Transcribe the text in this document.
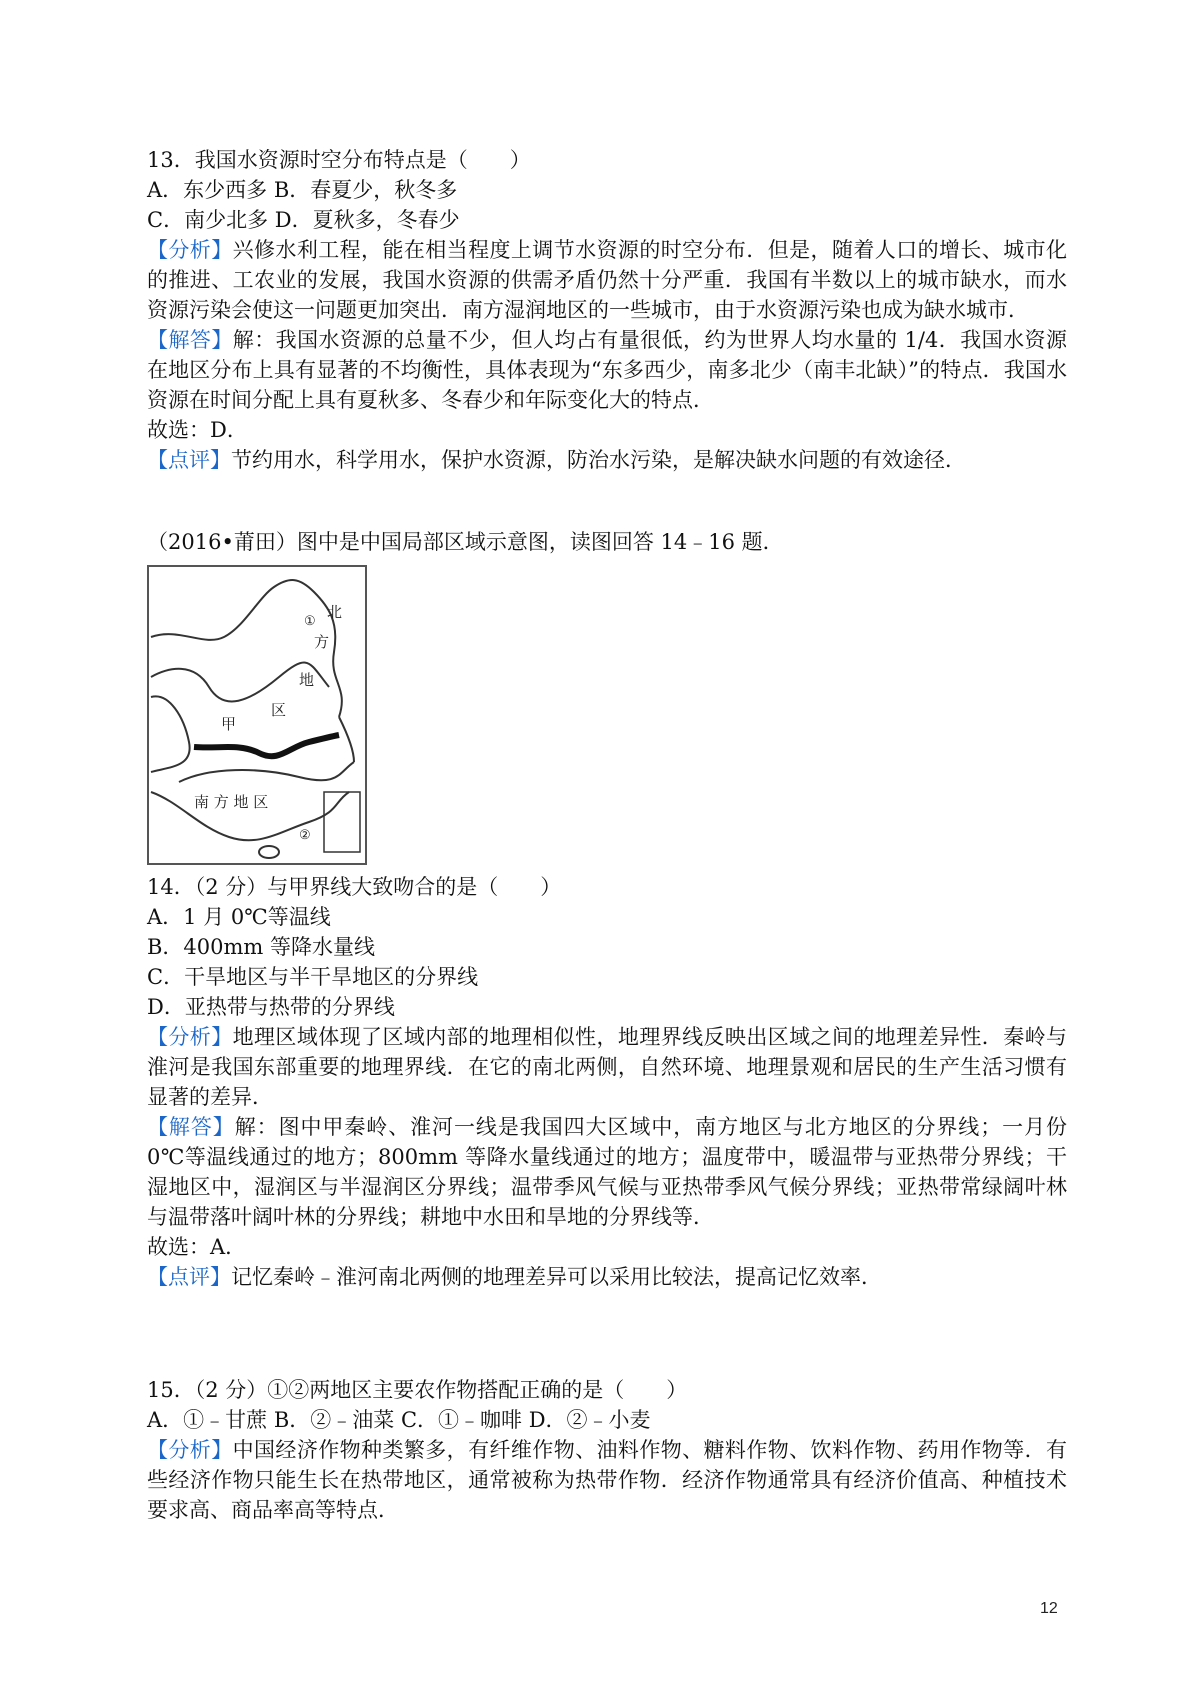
13．我国水资源时空分布特点是（　　）
A．东少西多 B．春夏少，秋冬多
C．南少北多 D．夏秋多，冬春少
【分析】兴修水利工程，能在相当程度上调节水资源的时空分布．但是，随着人口的增长、城市化的推进、工农业的发展，我国水资源的供需矛盾仍然十分严重．我国有半数以上的城市缺水，而水资源污染会使这一问题更加突出．南方湿润地区的一些城市，由于水资源污染也成为缺水城市．
【解答】解：我国水资源的总量不少，但人均占有量很低，约为世界人均水量的 1/4．我国水资源在地区分布上具有显著的不均衡性，具体表现为“东多西少，南多北少（南丰北缺）”的特点．我国水资源在时间分配上具有夏秋多、冬春少和年际变化大的特点．
故选：D．
【点评】节约用水，科学用水，保护水资源，防治水污染，是解决缺水问题的有效途径．
（2016•莆田）图中是中国局部区域示意图，读图回答 14﹣16 题．
北
方
地
区
甲
南 方 地 区
①
②
14．（2 分）与甲界线大致吻合的是（　　）
A．1 月 0℃等温线
B．400mm 等降水量线
C．干旱地区与半干旱地区的分界线
D．亚热带与热带的分界线
【分析】地理区域体现了区域内部的地理相似性，地理界线反映出区域之间的地理差异性．秦岭与淮河是我国东部重要的地理界线．在它的南北两侧，自然环境、地理景观和居民的生产生活习惯有显著的差异．
【解答】解：图中甲秦岭、淮河一线是我国四大区域中，南方地区与北方地区的分界线；一月份 0℃等温线通过的地方；800mm 等降水量线通过的地方；温度带中，暖温带与亚热带分界线；干湿地区中，湿润区与半湿润区分界线；温带季风气候与亚热带季风气候分界线；亚热带常绿阔叶林与温带落叶阔叶林的分界线；耕地中水田和旱地的分界线等．
故选：A．
【点评】记忆秦岭﹣淮河南北两侧的地理差异可以采用比较法，提高记忆效率．
15．（2 分）①②两地区主要农作物搭配正确的是（　　）
A．①﹣甘蔗 B．②﹣油菜 C．①﹣咖啡 D．②﹣小麦
【分析】中国经济作物种类繁多，有纤维作物、油料作物、糖料作物、饮料作物、药用作物等．有些经济作物只能生长在热带地区，通常被称为热带作物．经济作物通常具有经济价值高、种植技术要求高、商品率高等特点．
12
